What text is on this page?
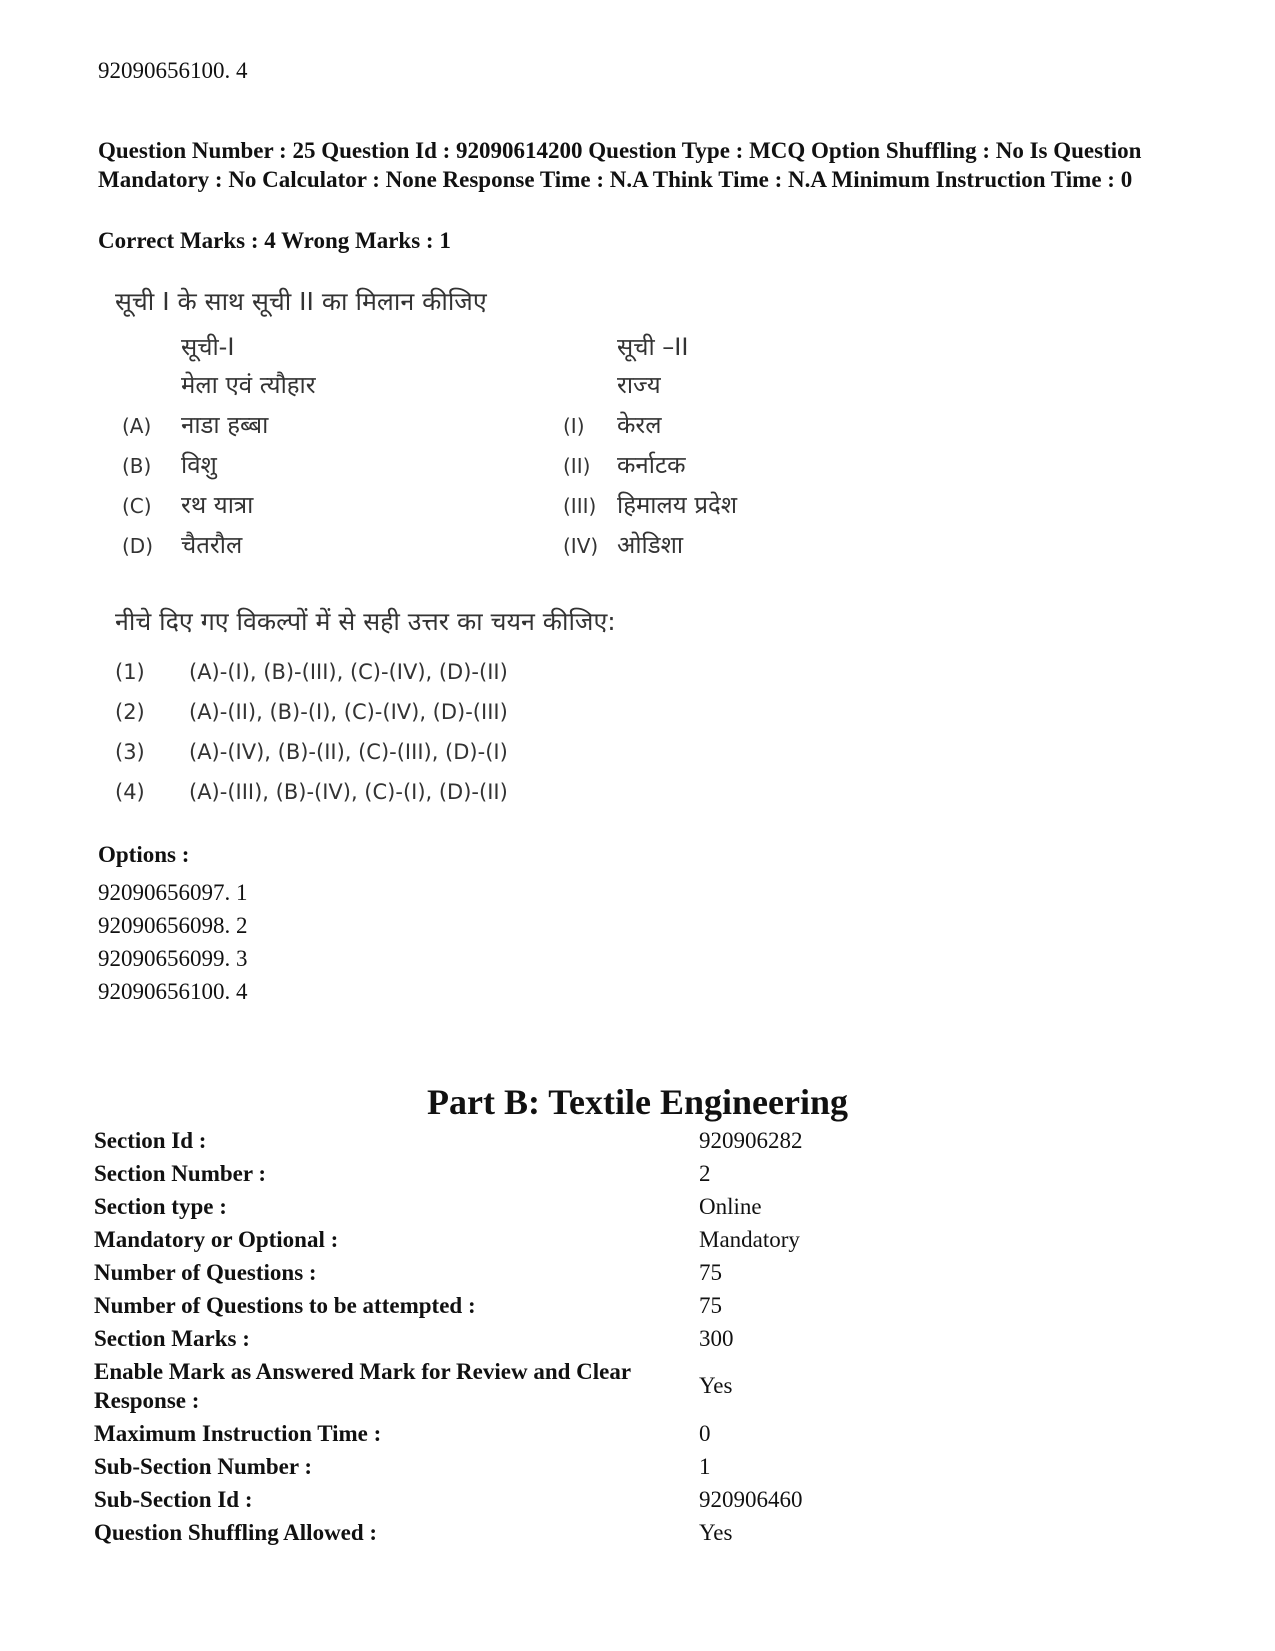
92090656100. 4
Question Number : 25 Question Id : 92090614200 Question Type : MCQ Option Shuffling : No Is Question Mandatory : No Calculator : None Response Time : N.A Think Time : N.A Minimum Instruction Time : 0
Correct Marks : 4 Wrong Marks : 1
सूची I के साथ सूची II का मिलान कीजिए
सूची-I
मेला एवं त्यौहार
सूची –II
राज्य
(A) नाडा हब्बा	(I) केरल
(B) विशु	(II) कर्नाटक
(C) रथ यात्रा	(III) हिमालय प्रदेश
(D) चैतरौल	(IV) ओडिशा
नीचे दिए गए विकल्पों में से सही उत्तर का चयन कीजिए:
(1) (A)-(I), (B)-(III), (C)-(IV), (D)-(II)
(2) (A)-(II), (B)-(I), (C)-(IV), (D)-(III)
(3) (A)-(IV), (B)-(II), (C)-(III), (D)-(I)
(4) (A)-(III), (B)-(IV), (C)-(I), (D)-(II)
Options :
92090656097. 1
92090656098. 2
92090656099. 3
92090656100. 4
Part B: Textile Engineering
Section Id :	920906282
Section Number :	2
Section type :	Online
Mandatory or Optional :	Mandatory
Number of Questions :	75
Number of Questions to be attempted :	75
Section Marks :	300
Enable Mark as Answered Mark for Review and Clear Response :
Yes
Maximum Instruction Time :	0
Sub-Section Number :	1
Sub-Section Id :	920906460
Question Shuffling Allowed :	Yes
